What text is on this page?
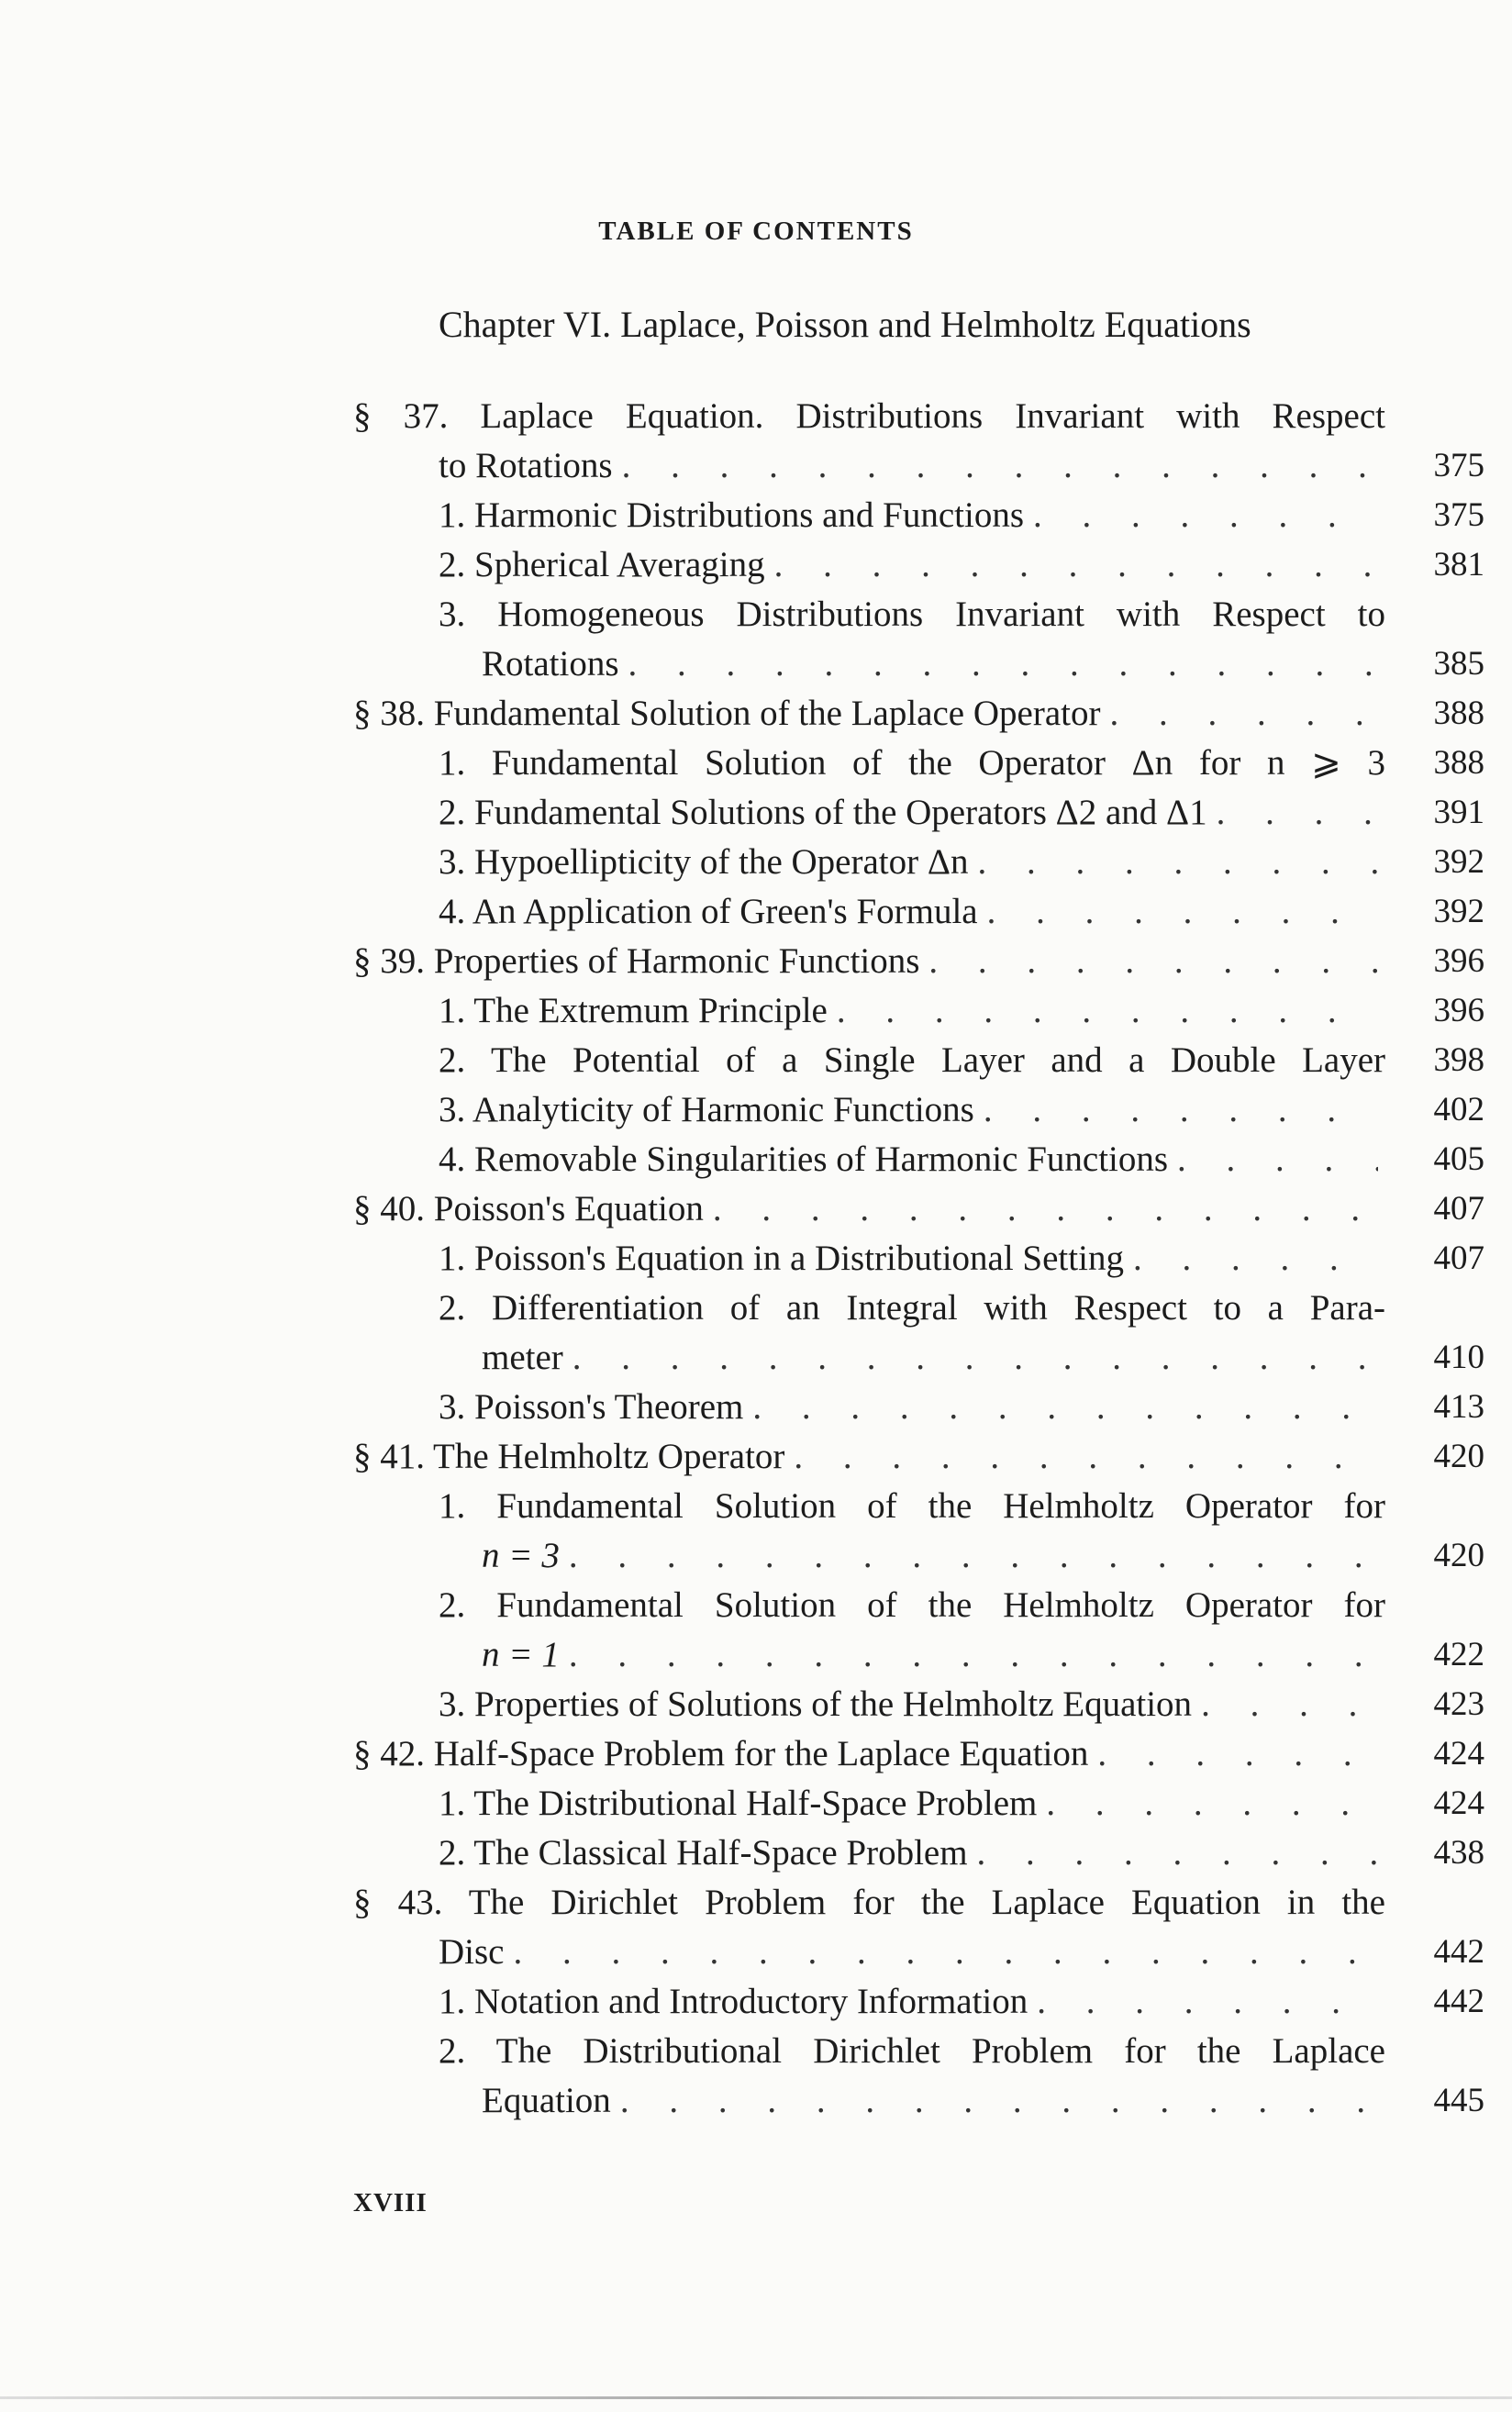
TABLE OF CONTENTS
Chapter VI. Laplace, Poisson and Helmholtz Equations
§ 37. Laplace Equation. Distributions Invariant with Respect
to Rotations . . .	375
1. Harmonic Distributions and Functions . . .	375
2. Spherical Averaging . . .	381
3. Homogeneous Distributions Invariant with Respect to
Rotations . . .	385
§ 38. Fundamental Solution of the Laplace Operator . . .	388
1. Fundamental Solution of the Operator Δn for n ⩾ 3	388
2. Fundamental Solutions of the Operators Δ2 and Δ1 . . .	391
3. Hypoellipticity of the Operator Δn . . .	392
4. An Application of Green's Formula . . .	392
§ 39. Properties of Harmonic Functions . . .	396
1. The Extremum Principle . . .	396
2. The Potential of a Single Layer and a Double Layer	398
3. Analyticity of Harmonic Functions . . .	402
4. Removable Singularities of Harmonic Functions . . .	405
§ 40. Poisson's Equation . . .	407
1. Poisson's Equation in a Distributional Setting . . .	407
2. Differentiation of an Integral with Respect to a Para-
meter . . .	410
3. Poisson's Theorem . . .	413
§ 41. The Helmholtz Operator . . .	420
1. Fundamental Solution of the Helmholtz Operator for
n = 3 . . .	420
2. Fundamental Solution of the Helmholtz Operator for
n = 1 . . .	422
3. Properties of Solutions of the Helmholtz Equation . . .	423
§ 42. Half-Space Problem for the Laplace Equation . . .	424
1. The Distributional Half-Space Problem . . .	424
2. The Classical Half-Space Problem . . .	438
§ 43. The Dirichlet Problem for the Laplace Equation in the
Disc . . .	442
1. Notation and Introductory Information . . .	442
2. The Distributional Dirichlet Problem for the Laplace
Equation . . .	445
XVIII
